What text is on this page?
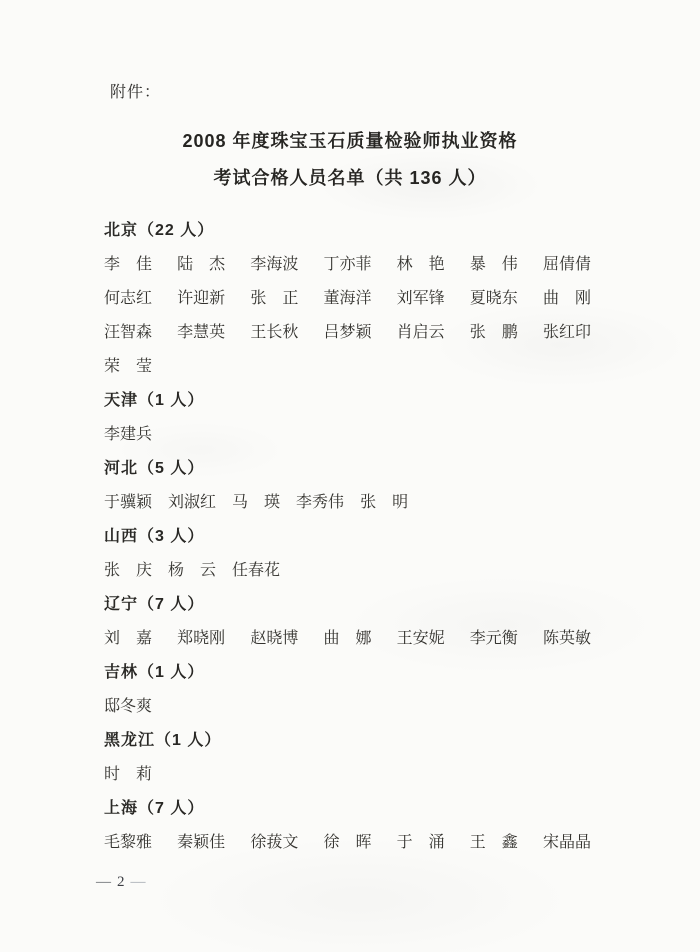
附件：
2008 年度珠宝玉石质量检验师执业资格
考试合格人员名单（共 136 人）
北京（22 人）
李　佳 陆　杰 李海波 丁亦菲 林　艳 暴　伟 屈倩倩
何志红 许迎新 张　正 董海洋 刘军锋 夏晓东 曲　刚
汪智森 李慧英 王长秋 吕梦颖 肖启云 张　鹏 张红印
荣　莹
天津（1 人）
李建兵
河北（5 人）
于骥颖 刘淑红 马　瑛 李秀伟 张　明
山西（3 人）
张　庆 杨　云 任春花
辽宁（7 人）
刘　嘉 郑晓刚 赵晓博 曲　娜 王安妮 李元衡 陈英敏
吉林（1 人）
邸冬爽
黑龙江（1 人）
时　莉
上海（7 人）
毛黎雅 秦颖佳 徐菝文 徐　晖 于　涌 王　鑫 宋晶晶
— 2 —
